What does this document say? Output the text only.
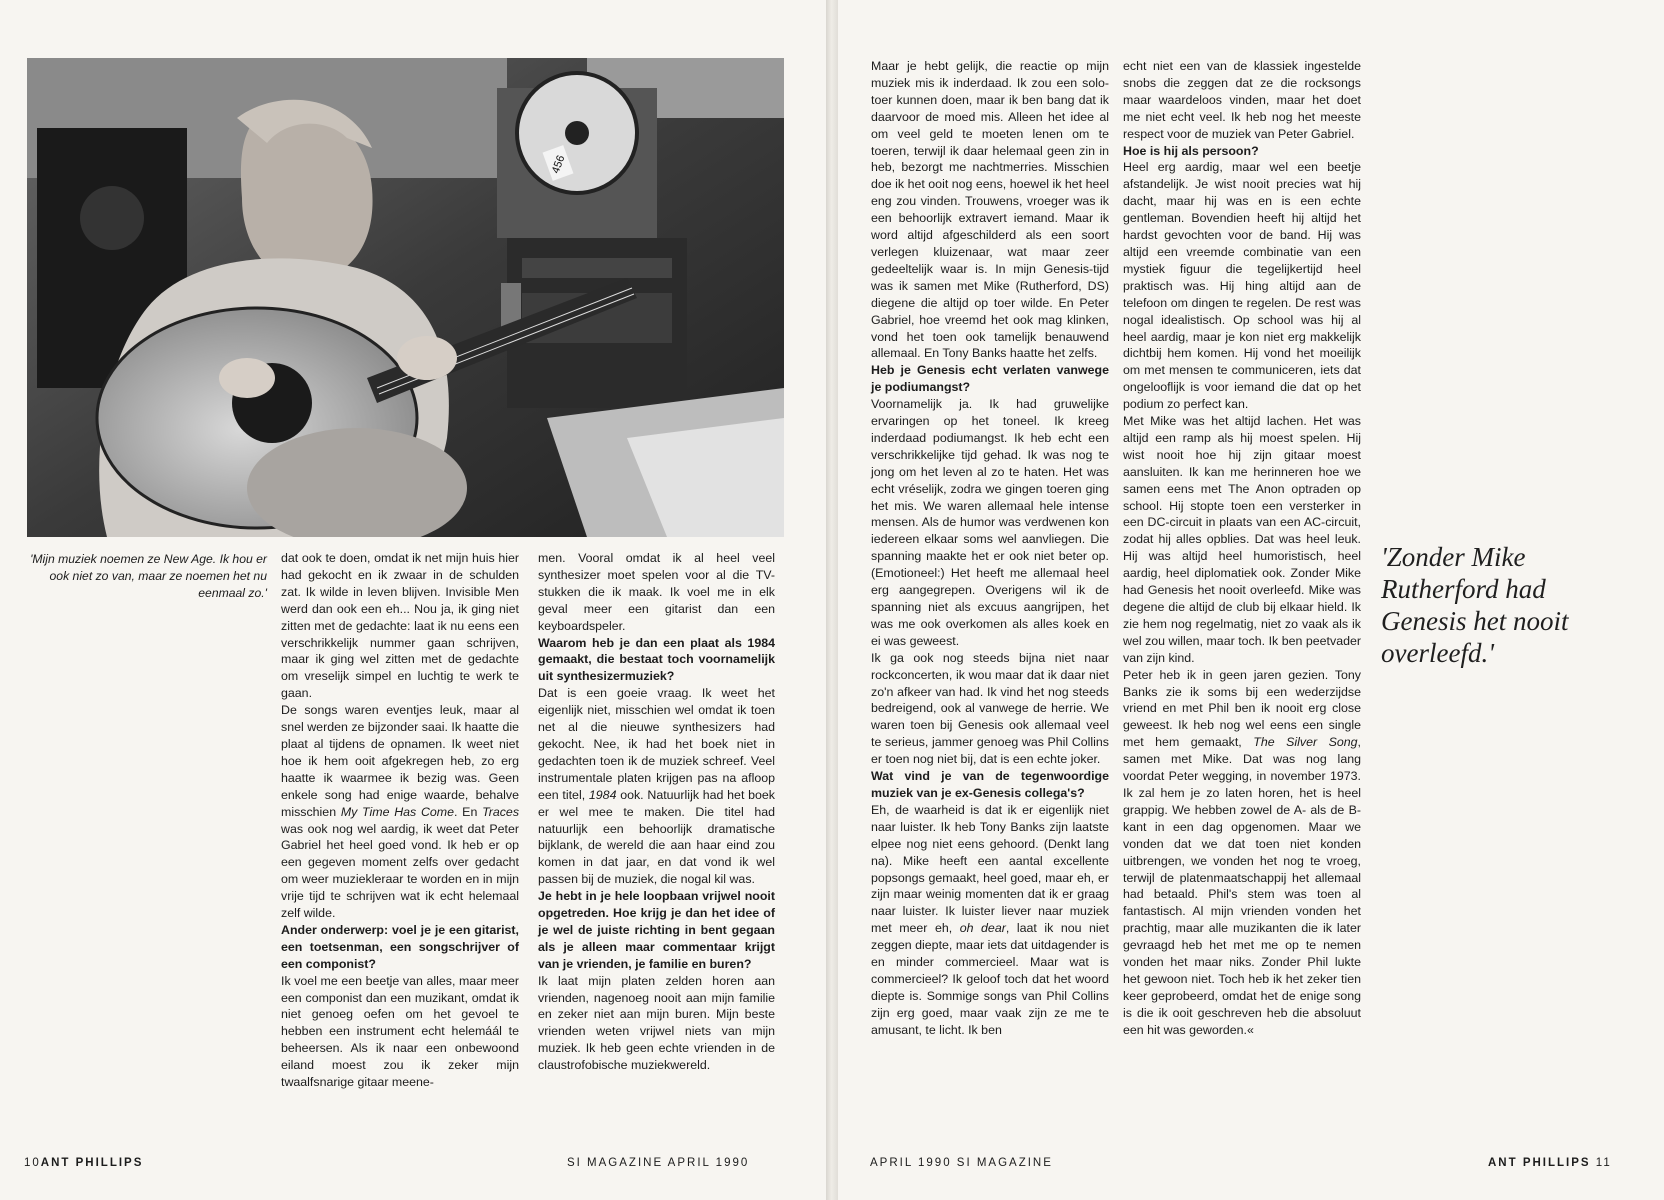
456
'Mijn muziek noemen ze New Age. Ik hou er ook niet zo van, maar ze noemen het nu eenmaal zo.'

dat ook te doen, omdat ik net mijn huis hier had gekocht en ik zwaar in de schulden zat. Ik wilde in leven blijven. Invisible Men werd dan ook een eh... Nou ja, ik ging niet zitten met de gedachte: laat ik nu eens een verschrikkelijk nummer gaan schrijven, maar ik ging wel zitten met de gedachte om vreselijk simpel en luchtig te werk te gaan.

De songs waren eventjes leuk, maar al snel werden ze bijzonder saai. Ik haatte die plaat al tijdens de opnamen. Ik weet niet hoe ik hem ooit afgekregen heb, zo erg haatte ik waarmee ik bezig was. Geen enkele song had enige waarde, behalve misschien My Time Has Come. En Traces was ook nog wel aardig, ik weet dat Peter Gabriel het heel goed vond. Ik heb er op een gegeven moment zelfs over gedacht om weer muziekleraar te worden en in mijn vrije tijd te schrijven wat ik echt helemaal zelf wilde.

Ander onderwerp: voel je je een gitarist, een toetsenman, een songschrijver of een componist?

Ik voel me een beetje van alles, maar meer een componist dan een muzikant, omdat ik niet genoeg oefen om het gevoel te hebben een instrument echt helemáál te beheersen. Als ik naar een onbewoond eiland moest zou ik zeker mijn twaalfsnarige gitaar meene-

men. Vooral omdat ik al heel veel synthesizer moet spelen voor al die TV-stukken die ik maak. Ik voel me in elk geval meer een gitarist dan een keyboardspeler.

Waarom heb je dan een plaat als 1984 gemaakt, die bestaat toch voornamelijk uit synthesizermuziek?

Dat is een goeie vraag. Ik weet het eigenlijk niet, misschien wel omdat ik toen net al die nieuwe synthesizers had gekocht. Nee, ik had het boek niet in gedachten toen ik de muziek schreef. Veel instrumentale platen krijgen pas na afloop een titel, 1984 ook. Natuurlijk had het boek er wel mee te maken. Die titel had natuurlijk een behoorlijk dramatische bijklank, de wereld die aan haar eind zou komen in dat jaar, en dat vond ik wel passen bij de muziek, die nogal kil was.

Je hebt in je hele loopbaan vrijwel nooit opgetreden. Hoe krijg je dan het idee of je wel de juiste richting in bent gegaan als je alleen maar commentaar krijgt van je vrienden, je familie en buren?

Ik laat mijn platen zelden horen aan vrienden, nagenoeg nooit aan mijn familie en zeker niet aan mijn buren. Mijn beste vrienden weten vrijwel niets van mijn muziek. Ik heb geen echte vrienden in de claustrofobische muziekwereld.

10ANT PHILLIPS	SI MAGAZINE APRIL 1990

Maar je hebt gelijk, die reactie op mijn muziek mis ik inderdaad. Ik zou een solo-toer kunnen doen, maar ik ben bang dat ik daarvoor de moed mis. Alleen het idee al om veel geld te moeten lenen om te toeren, terwijl ik daar helemaal geen zin in heb, bezorgt me nachtmerries. Misschien doe ik het ooit nog eens, hoewel ik het heel eng zou vinden. Trouwens, vroeger was ik een behoorlijk extravert iemand. Maar ik word altijd afgeschilderd als een soort verlegen kluizenaar, wat maar zeer gedeeltelijk waar is. In mijn Genesis-tijd was ik samen met Mike (Rutherford, DS) diegene die altijd op toer wilde. En Peter Gabriel, hoe vreemd het ook mag klinken, vond het toen ook tamelijk benauwend allemaal. En Tony Banks haatte het zelfs.

Heb je Genesis echt verlaten vanwege je podiumangst?

Voornamelijk ja. Ik had gruwelijke ervaringen op het toneel. Ik kreeg inderdaad podiumangst. Ik heb echt een verschrikkelijke tijd gehad. Ik was nog te jong om het leven al zo te haten. Het was echt vréselijk, zodra we gingen toeren ging het mis. We waren allemaal hele intense mensen. Als de humor was verdwenen kon iedereen elkaar soms wel aanvliegen. Die spanning maakte het er ook niet beter op. (Emotioneel:) Het heeft me allemaal heel erg aangegrepen. Overigens wil ik de spanning niet als excuus aangrijpen, het was me ook overkomen als alles koek en ei was geweest.

Ik ga ook nog steeds bijna niet naar rockconcerten, ik wou maar dat ik daar niet zo'n afkeer van had. Ik vind het nog steeds bedreigend, ook al vanwege de herrie. We waren toen bij Genesis ook allemaal veel te serieus, jammer genoeg was Phil Collins er toen nog niet bij, dat is een echte joker.

Wat vind je van de tegenwoordige muziek van je ex-Genesis collega's?

Eh, de waarheid is dat ik er eigenlijk niet naar luister. Ik heb Tony Banks zijn laatste elpee nog niet eens gehoord. (Denkt lang na). Mike heeft een aantal excellente popsongs gemaakt, heel goed, maar eh, er zijn maar weinig momenten dat ik er graag naar luister. Ik luister liever naar muziek met meer eh, oh dear, laat ik nou niet zeggen diepte, maar iets dat uitdagender is en minder commercieel. Maar wat is commercieel? Ik geloof toch dat het woord diepte is. Sommige songs van Phil Collins zijn erg goed, maar vaak zijn ze me te amusant, te licht. Ik ben

echt niet een van de klassiek ingestelde snobs die zeggen dat ze die rocksongs maar waardeloos vinden, maar het doet me niet echt veel. Ik heb nog het meeste respect voor de muziek van Peter Gabriel.

Hoe is hij als persoon?

Heel erg aardig, maar wel een beetje afstandelijk. Je wist nooit precies wat hij dacht, maar hij was en is een echte gentleman. Bovendien heeft hij altijd het hardst gevochten voor de band. Hij was altijd een vreemde combinatie van een mystiek figuur die tegelijkertijd heel praktisch was. Hij hing altijd aan de telefoon om dingen te regelen. De rest was nogal idealistisch. Op school was hij al heel aardig, maar je kon niet erg makkelijk dichtbij hem komen. Hij vond het moeilijk om met mensen te communiceren, iets dat ongelooflijk is voor iemand die dat op het podium zo perfect kan.

Met Mike was het altijd lachen. Het was altijd een ramp als hij moest spelen. Hij wist nooit hoe hij zijn gitaar moest aansluiten. Ik kan me herinneren hoe we samen eens met The Anon optraden op school. Hij stopte toen een versterker in een DC-circuit in plaats van een AC-circuit, zodat hij alles opblies. Dat was heel leuk. Hij was altijd heel humoristisch, heel aardig, heel diplomatiek ook. Zonder Mike had Genesis het nooit overleefd. Mike was degene die altijd de club bij elkaar hield. Ik zie hem nog regelmatig, niet zo vaak als ik wel zou willen, maar toch. Ik ben peetvader van zijn kind.

Peter heb ik in geen jaren gezien. Tony Banks zie ik soms bij een wederzijdse vriend en met Phil ben ik nooit erg close geweest. Ik heb nog wel eens een single met hem gemaakt, The Silver Song, samen met Mike. Dat was nog lang voordat Peter wegging, in november 1973. Ik zal hem je zo laten horen, het is heel grappig. We hebben zowel de A- als de B-kant in een dag opgenomen. Maar we vonden dat we dat toen niet konden uitbrengen, we vonden het nog te vroeg, terwijl de platenmaatschappij het allemaal had betaald. Phil's stem was toen al fantastisch. Al mijn vrienden vonden het prachtig, maar alle muzikanten die ik later gevraagd heb het met me op te nemen vonden het maar niks. Zonder Phil lukte het gewoon niet. Toch heb ik het zeker tien keer geprobeerd, omdat het de enige song is die ik ooit geschreven heb die absoluut een hit was geworden.«

'Zonder Mike Rutherford had Genesis het nooit overleefd.'
APRIL 1990 SI MAGAZINE	ANT PHILLIPS 11
